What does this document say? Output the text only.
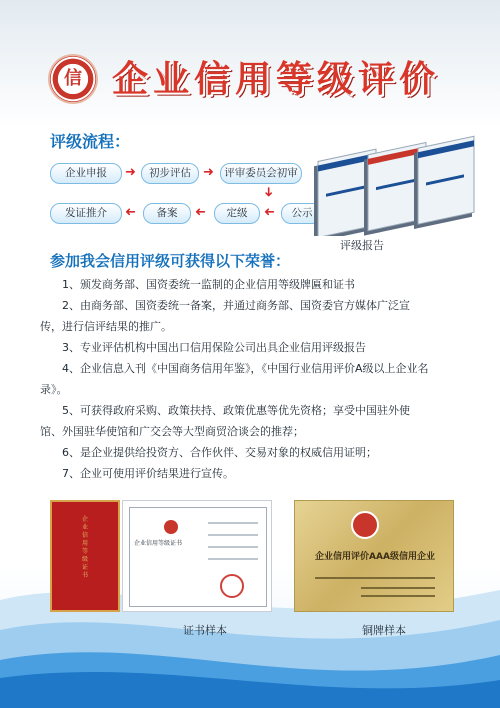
信 企业信用等级评价
评级流程：
企业申报	➜	初步评估 ➜ 评审委员会初审
➜
发证推介	➜	备案	➜	定级	➜	公示
评级报告
参加我会信用评级可获得以下荣誉：

1、颁发商务部、国资委统一监制的企业信用等级牌匾和证书

2、由商务部、国资委统一备案，并通过商务部、国资委官方媒体广泛宣传，进行信评结果的推广。

3、专业评估机构中国出口信用保险公司出具企业信用评级报告

4、企业信息入刊《中国商务信用年鉴》，《中国行业信用评价A级以上企业名录》。

5、可获得政府采购、政策扶持、政策优惠等优先资格；享受中国驻外使馆、外国驻华使馆和广交会等大型商贸洽谈会的推荐；

6、是企业提供给投资方、合作伙伴、交易对象的权威信用证明；

7、企业可使用评价结果进行宣传。

企业信用等级证书
企业信用等级证书
证书样本
企业信用评价AAA级信用企业
铜牌样本
